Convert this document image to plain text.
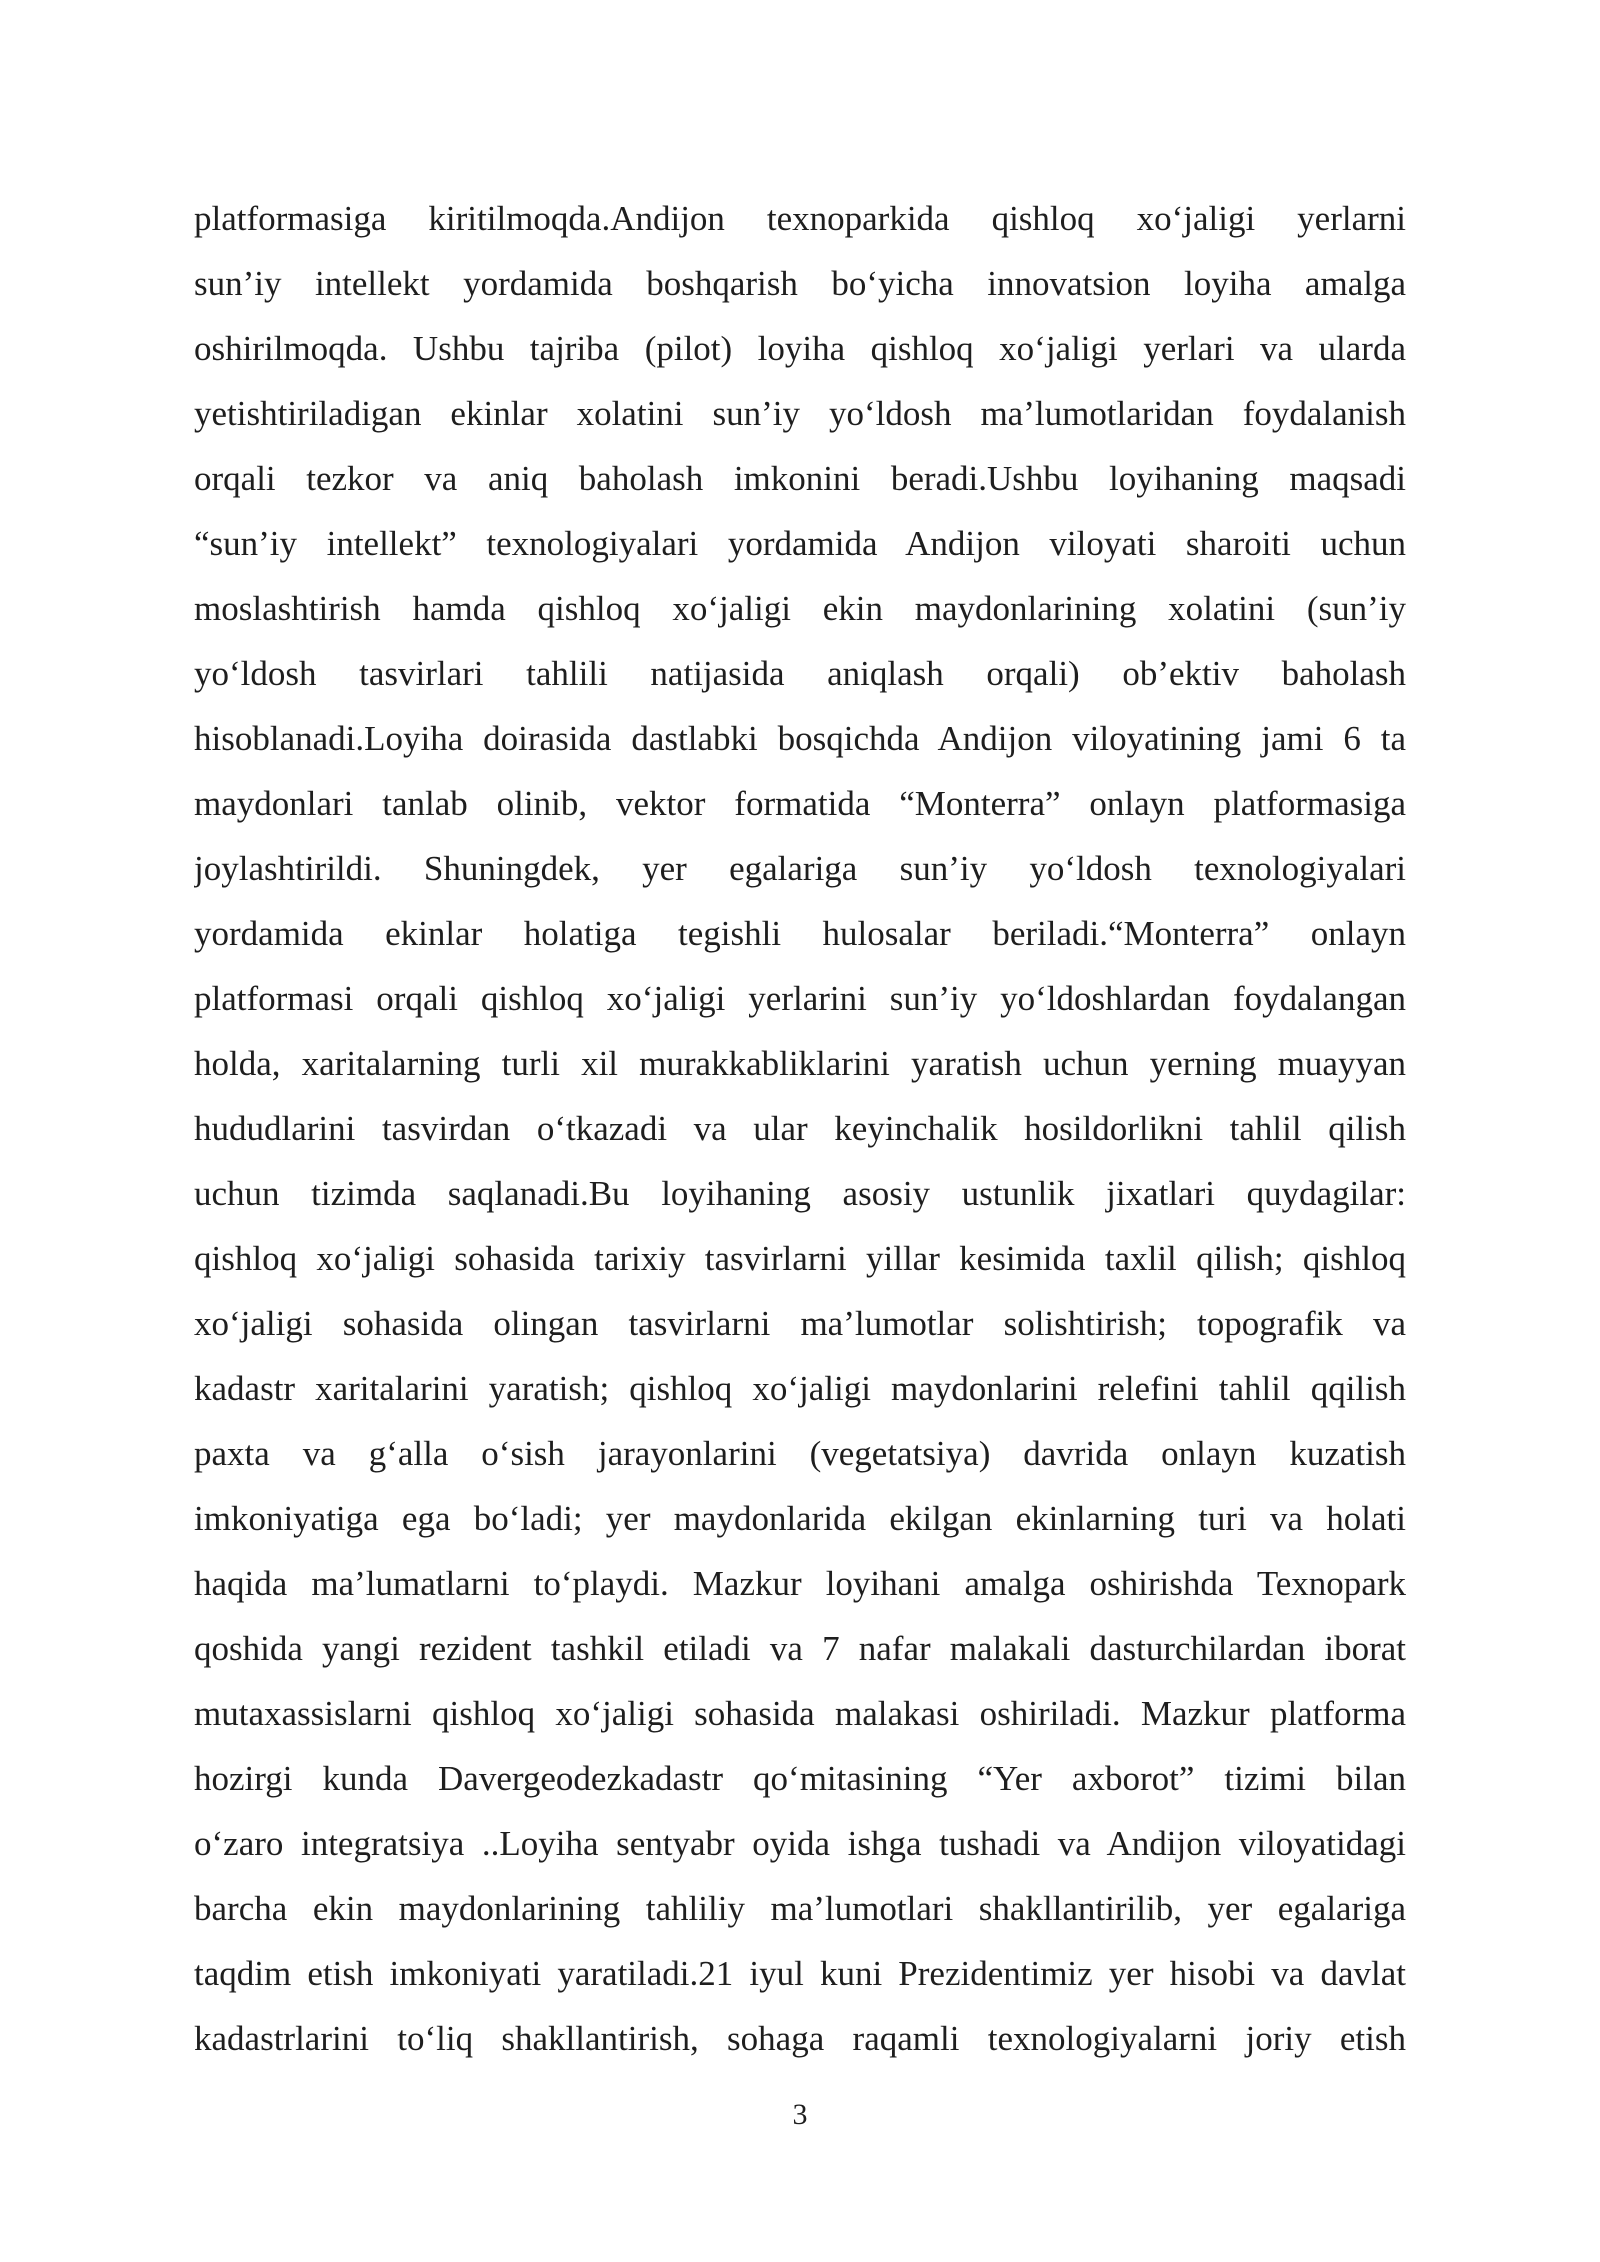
platformasiga kiritilmoqda.Andijon texnoparkida qishloq xo‘jaligi yerlarni
sun’iy intellekt yordamida boshqarish bo‘yicha innovatsion loyiha amalga
oshirilmoqda. Ushbu tajriba (pilot) loyiha qishloq xo‘jaligi yerlari va ularda
yetishtiriladigan ekinlar xolatini sun’iy yo‘ldosh ma’lumotlaridan foydalanish
orqali tezkor va aniq baholash imkonini beradi.Ushbu loyihaning maqsadi
“sun’iy intellekt” texnologiyalari yordamida Andijon viloyati sharoiti uchun
moslashtirish hamda qishloq xo‘jaligi ekin maydonlarining xolatini (sun’iy
yo‘ldosh tasvirlari tahlili natijasida aniqlash orqali) ob’ektiv baholash
hisoblanadi.Loyiha doirasida dastlabki bosqichda Andijon viloyatining jami 6 ta
maydonlari tanlab olinib, vektor formatida “Monterra” onlayn platformasiga
joylashtirildi. Shuningdek, yer egalariga sun’iy yo‘ldosh texnologiyalari
yordamida ekinlar holatiga tegishli hulosalar beriladi.“Monterra” onlayn
platformasi orqali qishloq xo‘jaligi yerlarini sun’iy yo‘ldoshlardan foydalangan
holda, xaritalarning turli xil murakkabliklarini yaratish uchun yerning muayyan
hududlarini tasvirdan o‘tkazadi va ular keyinchalik hosildorlikni tahlil qilish
uchun tizimda saqlanadi.Bu loyihaning asosiy ustunlik jixatlari quydagilar:
qishloq xo‘jaligi sohasida tarixiy tasvirlarni yillar kesimida taxlil qilish; qishloq
xo‘jaligi sohasida olingan tasvirlarni ma’lumotlar solishtirish; topografik va
kadastr xaritalarini yaratish; qishloq xo‘jaligi maydonlarini relefini tahlil qqilish
paxta va g‘alla o‘sish jarayonlarini (vegetatsiya) davrida onlayn kuzatish
imkoniyatiga ega bo‘ladi; yer maydonlarida ekilgan ekinlarning turi va holati
haqida ma’lumatlarni to‘playdi. Mazkur loyihani amalga oshirishda Texnopark
qoshida yangi rezident tashkil etiladi va 7 nafar malakali dasturchilardan iborat
mutaxassislarni qishloq xo‘jaligi sohasida malakasi oshiriladi. Mazkur platforma
hozirgi kunda Davergeodezkadastr qo‘mitasining “Yer axborot” tizimi bilan
o‘zaro integratsiya ..Loyiha sentyabr oyida ishga tushadi va Andijon viloyatidagi
barcha ekin maydonlarining tahliliy ma’lumotlari shakllantirilib, yer egalariga
taqdim etish imkoniyati yaratiladi.21 iyul kuni Prezidentimiz yer hisobi va davlat
kadastrlarini to‘liq shakllantirish, sohaga raqamli texnologiyalarni joriy etish
3
